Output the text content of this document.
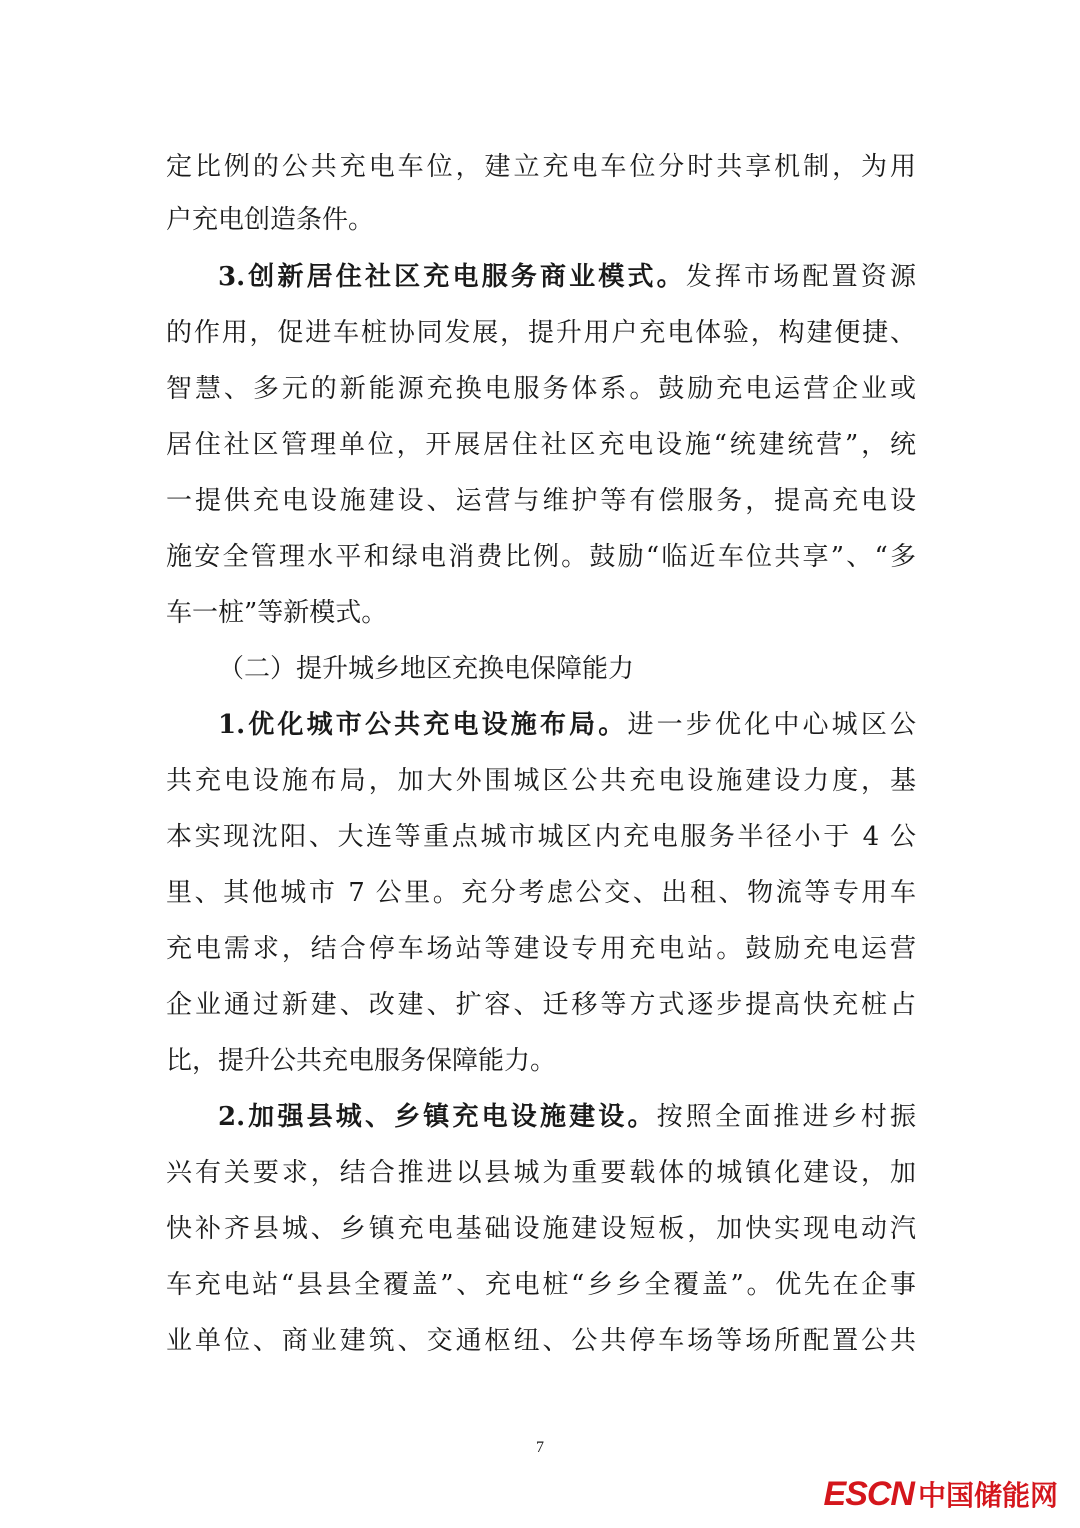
定比例的公共充电车位，建立充电车位分时共享机制，为用
户充电创造条件。
3.创新居住社区充电服务商业模式。发挥市场配置资源
的作用，促进车桩协同发展，提升用户充电体验，构建便捷、
智慧、多元的新能源充换电服务体系。鼓励充电运营企业或
居住社区管理单位，开展居住社区充电设施“统建统营”，统
一提供充电设施建设、运营与维护等有偿服务，提高充电设
施安全管理水平和绿电消费比例。鼓励“临近车位共享”、“多
车一桩”等新模式。
（二）提升城乡地区充换电保障能力
1.优化城市公共充电设施布局。进一步优化中心城区公
共充电设施布局，加大外围城区公共充电设施建设力度，基
本实现沈阳、大连等重点城市城区内充电服务半径小于 4 公
里、其他城市 7 公里。充分考虑公交、出租、物流等专用车
充电需求，结合停车场站等建设专用充电站。鼓励充电运营
企业通过新建、改建、扩容、迁移等方式逐步提高快充桩占
比，提升公共充电服务保障能力。
2.加强县城、乡镇充电设施建设。按照全面推进乡村振
兴有关要求，结合推进以县城为重要载体的城镇化建设，加
快补齐县城、乡镇充电基础设施建设短板，加快实现电动汽
车充电站“县县全覆盖”、充电桩“乡乡全覆盖”。优先在企事
业单位、商业建筑、交通枢纽、公共停车场等场所配置公共
7
ESCN 中国储能网
